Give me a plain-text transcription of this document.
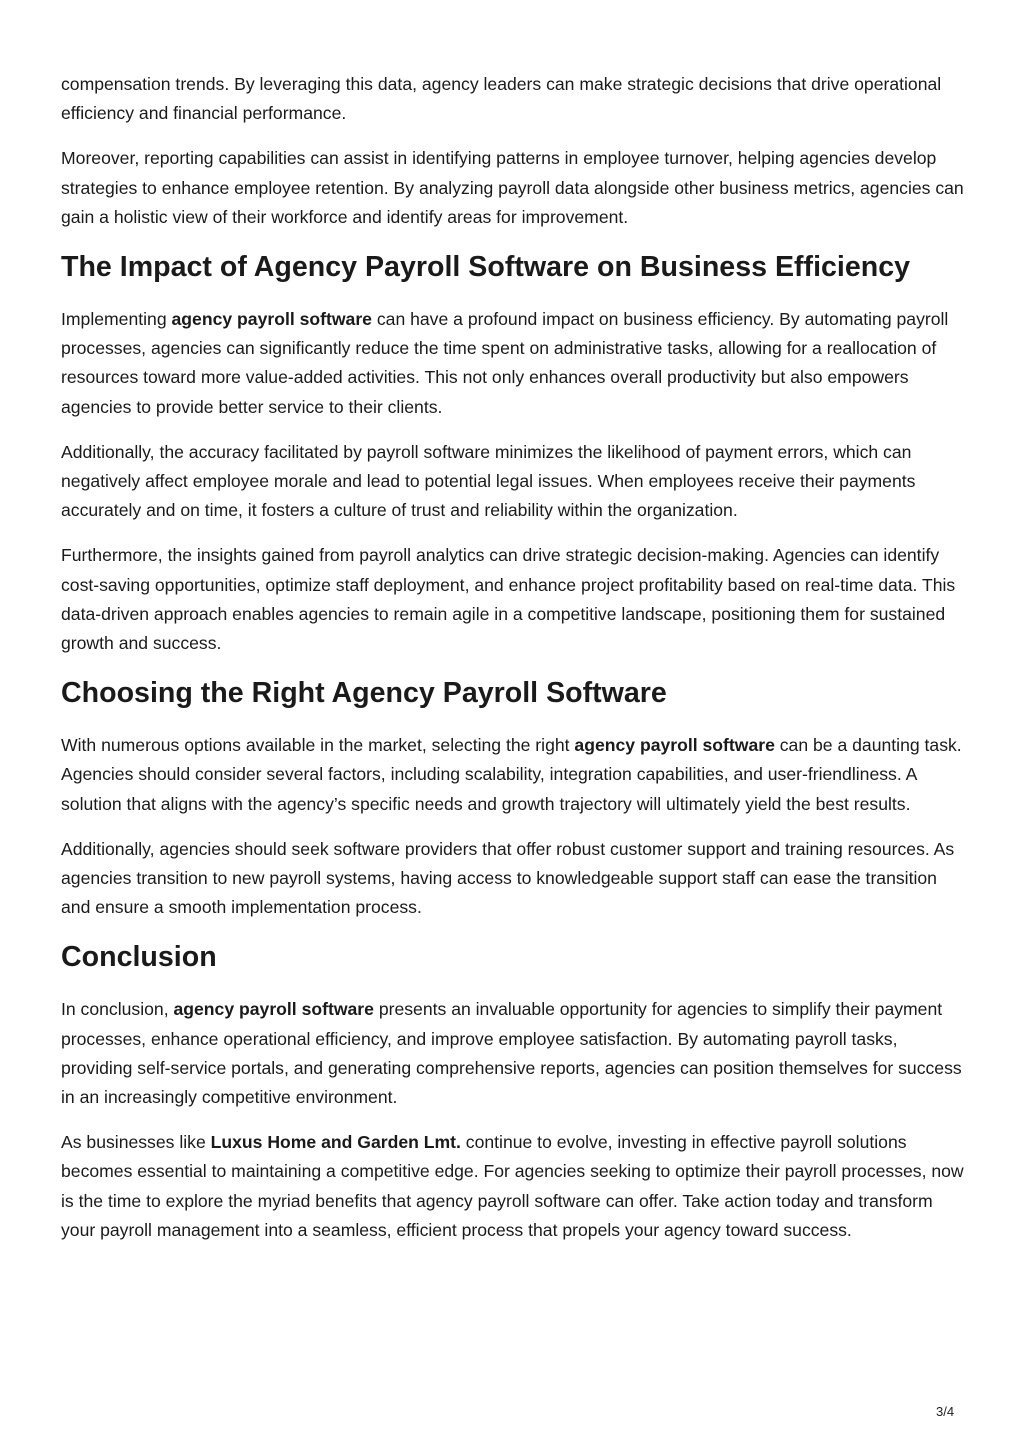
compensation trends. By leveraging this data, agency leaders can make strategic decisions that drive operational efficiency and financial performance.

Moreover, reporting capabilities can assist in identifying patterns in employee turnover, helping agencies develop strategies to enhance employee retention. By analyzing payroll data alongside other business metrics, agencies can gain a holistic view of their workforce and identify areas for improvement.

The Impact of Agency Payroll Software on Business Efficiency

Implementing agency payroll software can have a profound impact on business efficiency. By automating payroll processes, agencies can significantly reduce the time spent on administrative tasks, allowing for a reallocation of resources toward more value-added activities. This not only enhances overall productivity but also empowers agencies to provide better service to their clients.

Additionally, the accuracy facilitated by payroll software minimizes the likelihood of payment errors, which can negatively affect employee morale and lead to potential legal issues. When employees receive their payments accurately and on time, it fosters a culture of trust and reliability within the organization.

Furthermore, the insights gained from payroll analytics can drive strategic decision-making. Agencies can identify cost-saving opportunities, optimize staff deployment, and enhance project profitability based on real-time data. This data-driven approach enables agencies to remain agile in a competitive landscape, positioning them for sustained growth and success.

Choosing the Right Agency Payroll Software

With numerous options available in the market, selecting the right agency payroll software can be a daunting task. Agencies should consider several factors, including scalability, integration capabilities, and user-friendliness. A solution that aligns with the agency’s specific needs and growth trajectory will ultimately yield the best results.

Additionally, agencies should seek software providers that offer robust customer support and training resources. As agencies transition to new payroll systems, having access to knowledgeable support staff can ease the transition and ensure a smooth implementation process.

Conclusion

In conclusion, agency payroll software presents an invaluable opportunity for agencies to simplify their payment processes, enhance operational efficiency, and improve employee satisfaction. By automating payroll tasks, providing self-service portals, and generating comprehensive reports, agencies can position themselves for success in an increasingly competitive environment.

As businesses like Luxus Home and Garden Lmt. continue to evolve, investing in effective payroll solutions becomes essential to maintaining a competitive edge. For agencies seeking to optimize their payroll processes, now is the time to explore the myriad benefits that agency payroll software can offer. Take action today and transform your payroll management into a seamless, efficient process that propels your agency toward success.

3/4
